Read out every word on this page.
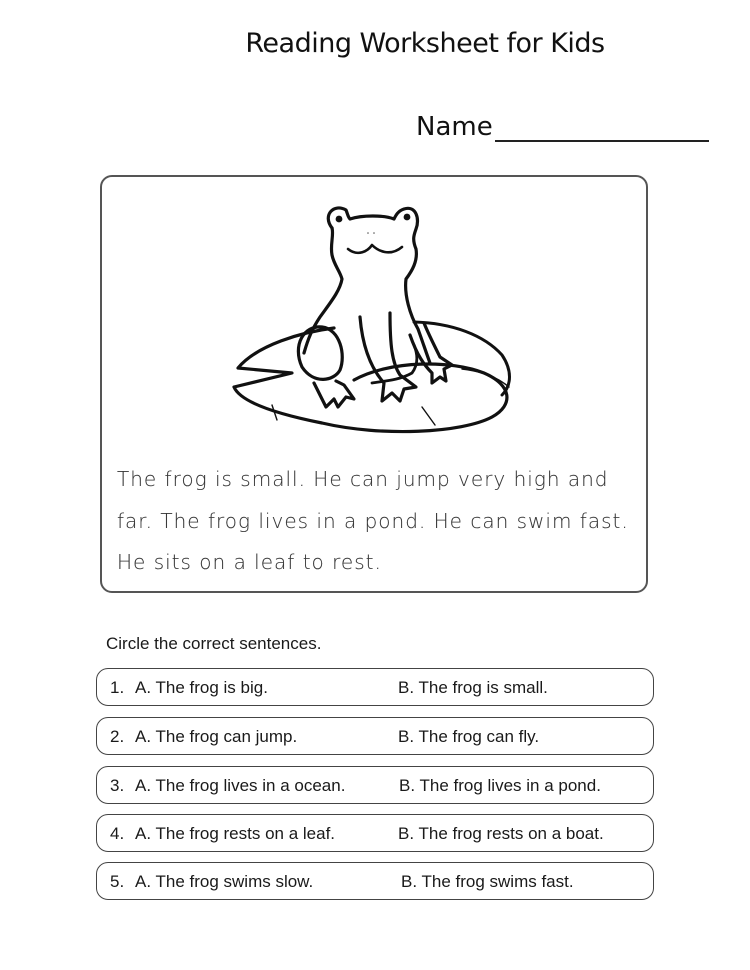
Reading Worksheet for Kids
Name
The frog is small. He can jump very high and
far. The frog lives in a pond. He can swim fast.
He sits on a leaf to rest.
Circle the correct sentences.
1. A. The frog is big.	B. The frog is small.
2. A. The frog can jump.	B. The frog can fly.
3. A. The frog lives in a ocean.	B. The frog lives in a pond.
4. A. The frog rests on a leaf.	B. The frog rests on a boat.
5. A. The frog swims slow.	B. The frog swims fast.
